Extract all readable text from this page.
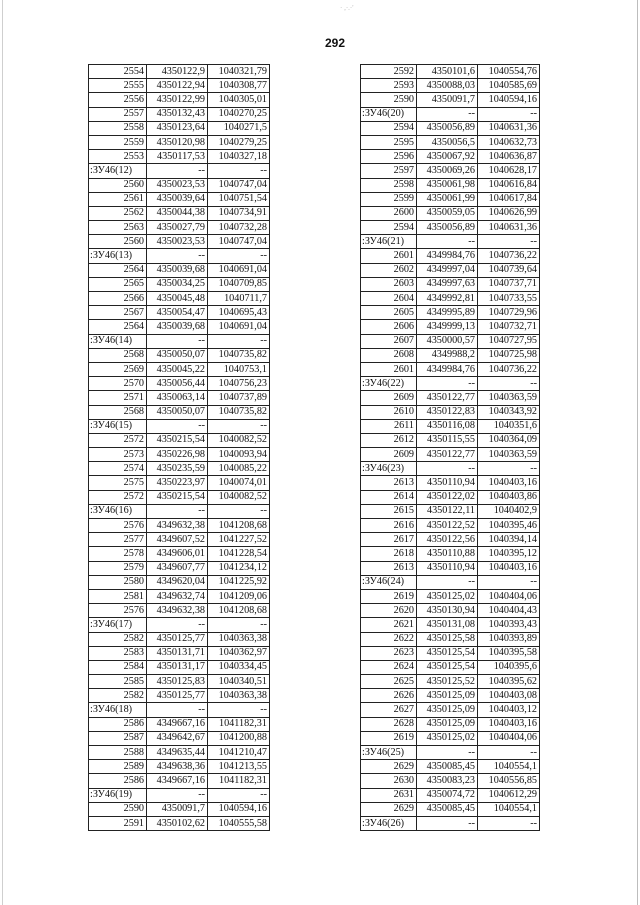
· ,·.·'
292
2554	4350122,9	1040321,79
2555	4350122,94	1040308,77
2556	4350122,99	1040305,01
2557	4350132,43	1040270,25
2558	4350123,64	1040271,5
2559	4350120,98	1040279,25
2553	4350117,53	1040327,18
:ЗУ46(12)	--	--
2560	4350023,53	1040747,04
2561	4350039,64	1040751,54
2562	4350044,38	1040734,91
2563	4350027,79	1040732,28
2560	4350023,53	1040747,04
:ЗУ46(13)	--	--
2564	4350039,68	1040691,04
2565	4350034,25	1040709,85
2566	4350045,48	1040711,7
2567	4350054,47	1040695,43
2564	4350039,68	1040691,04
:ЗУ46(14)	--	--
2568	4350050,07	1040735,82
2569	4350045,22	1040753,1
2570	4350056,44	1040756,23
2571	4350063,14	1040737,89
2568	4350050,07	1040735,82
:ЗУ46(15)	--	--
2572	4350215,54	1040082,52
2573	4350226,98	1040093,94
2574	4350235,59	1040085,22
2575	4350223,97	1040074,01
2572	4350215,54	1040082,52
:ЗУ46(16)	--	--
2576	4349632,38	1041208,68
2577	4349607,52	1041227,52
2578	4349606,01	1041228,54
2579	4349607,77	1041234,12
2580	4349620,04	1041225,92
2581	4349632,74	1041209,06
2576	4349632,38	1041208,68
:ЗУ46(17)	--	--
2582	4350125,77	1040363,38
2583	4350131,71	1040362,97
2584	4350131,17	1040334,45
2585	4350125,83	1040340,51
2582	4350125,77	1040363,38
:ЗУ46(18)	--	--
2586	4349667,16	1041182,31
2587	4349642,67	1041200,88
2588	4349635,44	1041210,47
2589	4349638,36	1041213,55
2586	4349667,16	1041182,31
:ЗУ46(19)	--	--
2590	4350091,7	1040594,16
2591	4350102,62	1040555,58
2592	4350101,6	1040554,76
2593	4350088,03	1040585,69
2590	4350091,7	1040594,16
:ЗУ46(20)	--	--
2594	4350056,89	1040631,36
2595	4350056,5	1040632,73
2596	4350067,92	1040636,87
2597	4350069,26	1040628,17
2598	4350061,98	1040616,84
2599	4350061,99	1040617,84
2600	4350059,05	1040626,99
2594	4350056,89	1040631,36
:ЗУ46(21)	--	--
2601	4349984,76	1040736,22
2602	4349997,04	1040739,64
2603	4349997,63	1040737,71
2604	4349992,81	1040733,55
2605	4349995,89	1040729,96
2606	4349999,13	1040732,71
2607	4350000,57	1040727,95
2608	4349988,2	1040725,98
2601	4349984,76	1040736,22
:ЗУ46(22)	--	--
2609	4350122,77	1040363,59
2610	4350122,83	1040343,92
2611	4350116,08	1040351,6
2612	4350115,55	1040364,09
2609	4350122,77	1040363,59
:ЗУ46(23)	--	--
2613	4350110,94	1040403,16
2614	4350122,02	1040403,86
2615	4350122,11	1040402,9
2616	4350122,52	1040395,46
2617	4350122,56	1040394,14
2618	4350110,88	1040395,12
2613	4350110,94	1040403,16
:ЗУ46(24)	--	--
2619	4350125,02	1040404,06
2620	4350130,94	1040404,43
2621	4350131,08	1040393,43
2622	4350125,58	1040393,89
2623	4350125,54	1040395,58
2624	4350125,54	1040395,6
2625	4350125,52	1040395,62
2626	4350125,09	1040403,08
2627	4350125,09	1040403,12
2628	4350125,09	1040403,16
2619	4350125,02	1040404,06
:ЗУ46(25)	--	--
2629	4350085,45	1040554,1
2630	4350083,23	1040556,85
2631	4350074,72	1040612,29
2629	4350085,45	1040554,1
:ЗУ46(26)	--	--
